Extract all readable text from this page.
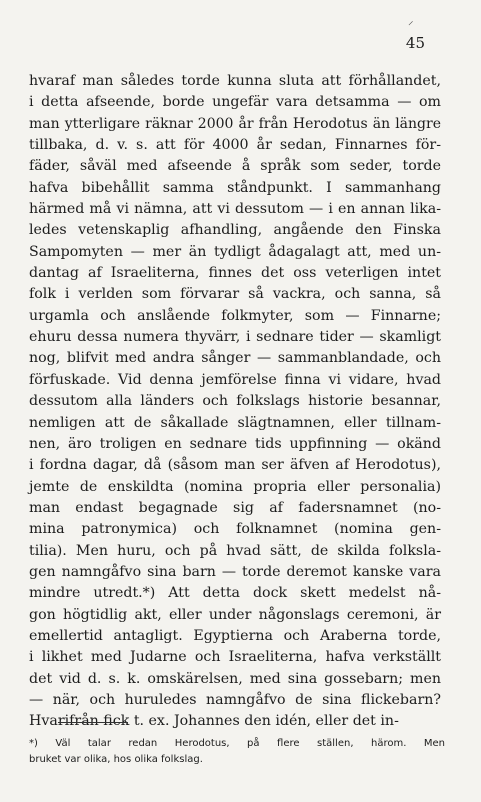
⸍
45
hvaraf man således torde kunna sluta att förhållandet,
i detta afseende, borde ungefär vara detsamma — om
man ytterligare räknar 2000 år från Herodotus än längre
tillbaka, d. v. s. att för 4000 år sedan, Finnarnes för-
fäder, såväl med afseende å språk som seder, torde
hafva bibehållit samma ståndpunkt. I sammanhang
härmed må vi nämna, att vi dessutom — i en annan lika-
ledes vetenskaplig afhandling, angående den Finska
Sampomyten — mer än tydligt ådagalagt att, med un-
dantag af Israeliterna, finnes det oss veterligen intet
folk i verlden som förvarar så vackra, och sanna, så
urgamla och anslående folkmyter, som — Finnarne;
ehuru dessa numera thyvärr, i sednare tider — skamligt
nog, blifvit med andra sånger — sammanblandade, och
förfuskade. Vid denna jemförelse finna vi vidare, hvad
dessutom alla länders och folkslags historie besannar,
nemligen att de såkallade slägtnamnen, eller tillnam-
nen, äro troligen en sednare tids uppfinning — okänd
i fordna dagar, då (såsom man ser äfven af Herodotus),
jemte de enskildta (nomina propria eller personalia)
man endast begagnade sig af fadersnamnet (no-
mina patronymica) och folknamnet (nomina gen-
tilia). Men huru, och på hvad sätt, de skilda folksla-
gen namngåfvo sina barn — torde deremot kanske vara
mindre utredt.*) Att detta dock skett medelst nå-
gon högtidlig akt, eller under någonslags ceremoni, är
emellertid antagligt. Egyptierna och Araberna torde,
i likhet med Judarne och Israeliterna, hafva verkställt
det vid d. s. k. omskärelsen, med sina gossebarn; men
— när, och huruledes namngåfvo de sina flickebarn?
Hvarifrån fick t. ex. Johannes den idén, eller det in-
*) Väl talar redan Herodotus, på flere ställen, härom. Men
bruket var olika, hos olika folkslag.
